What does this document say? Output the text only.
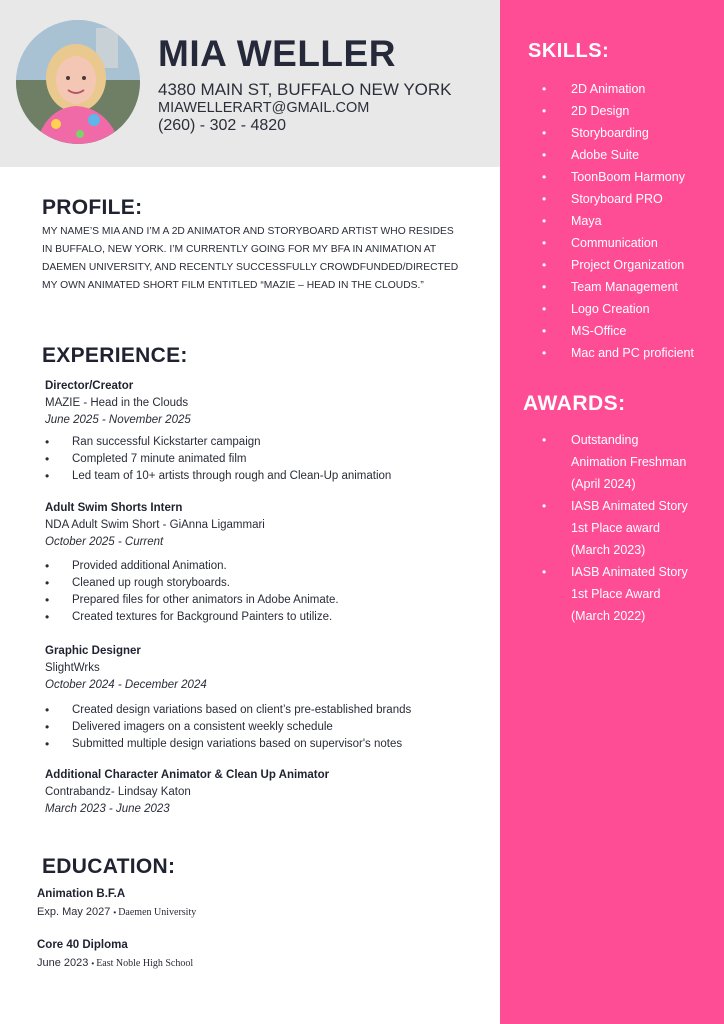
MIA WELLER

4380 MAIN ST, BUFFALO NEW YORK

MIAWELLERART@GMAIL.COM

(260) - 302 - 4820

PROFILE:

MY NAME’S MIA AND I’M A 2D ANIMATOR AND STORYBOARD ARTIST WHO RESIDES IN BUFFALO, NEW YORK. I’M CURRENTLY GOING FOR MY BFA IN ANIMATION AT DAEMEN UNIVERSITY, AND RECENTLY SUCCESSFULLY CROWDFUNDED/DIRECTED MY OWN ANIMATED SHORT FILM ENTITLED “MAZIE – HEAD IN THE CLOUDS.”

EXPERIENCE:
Director/Creator
MAZIE - Head in the Clouds
June 2025 - November 2025
• Ran successful Kickstarter campaign
• Completed 7 minute animated film
• Led team of 10+ artists through rough and Clean-Up animation
Adult Swim Shorts Intern
NDA Adult Swim Short - GiAnna Ligammari
October 2025 - Current
• Provided additional Animation.
• Cleaned up rough storyboards.
• Prepared files for other animators in Adobe Animate.
• Created textures for Background Painters to utilize.
Graphic Designer
SlightWrks
October 2024 - December 2024
• Created design variations based on client’s pre-established brands
• Delivered imagers on a consistent weekly schedule
• Submitted multiple design variations based on supervisor's notes
Additional Character Animator & Clean Up Animator
Contrabandz- Lindsay Katon
March 2023 - June 2023
EDUCATION:
Animation B.F.A
Exp. May 2027 • Daemen University
Core 40 Diploma
June 2023 • East Noble High School
SKILLS:
• 2D Animation
• 2D Design
• Storyboarding
• Adobe Suite
• ToonBoom Harmony
• Storyboard PRO
• Maya
• Communication
• Project Organization
• Team Management
• Logo Creation
• MS-Office
• Mac and PC proficient
AWARDS:
• Outstanding
Animation Freshman
(April 2024)
• IASB Animated Story
1st Place award
(March 2023)
• IASB Animated Story
1st Place Award
(March 2022)
